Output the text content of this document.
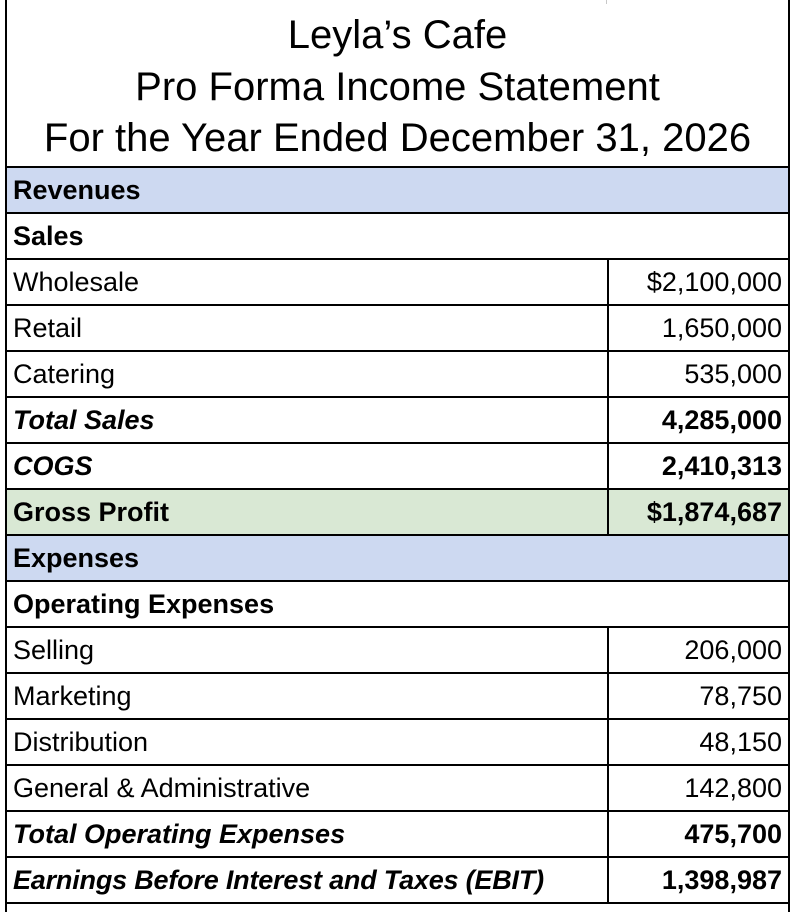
Leyla’s Cafe
Pro Forma Income Statement
For the Year Ended December 31, 2026
Revenues
Sales
Wholesale	$2,100,000
Retail	1,650,000
Catering	535,000
Total Sales	4,285,000
COGS	2,410,313
Gross Profit	$1,874,687
Expenses
Operating Expenses
Selling	206,000
Marketing	78,750
Distribution	48,150
General & Administrative	142,800
Total Operating Expenses	475,700
Earnings Before Interest and Taxes (EBIT)	1,398,987
